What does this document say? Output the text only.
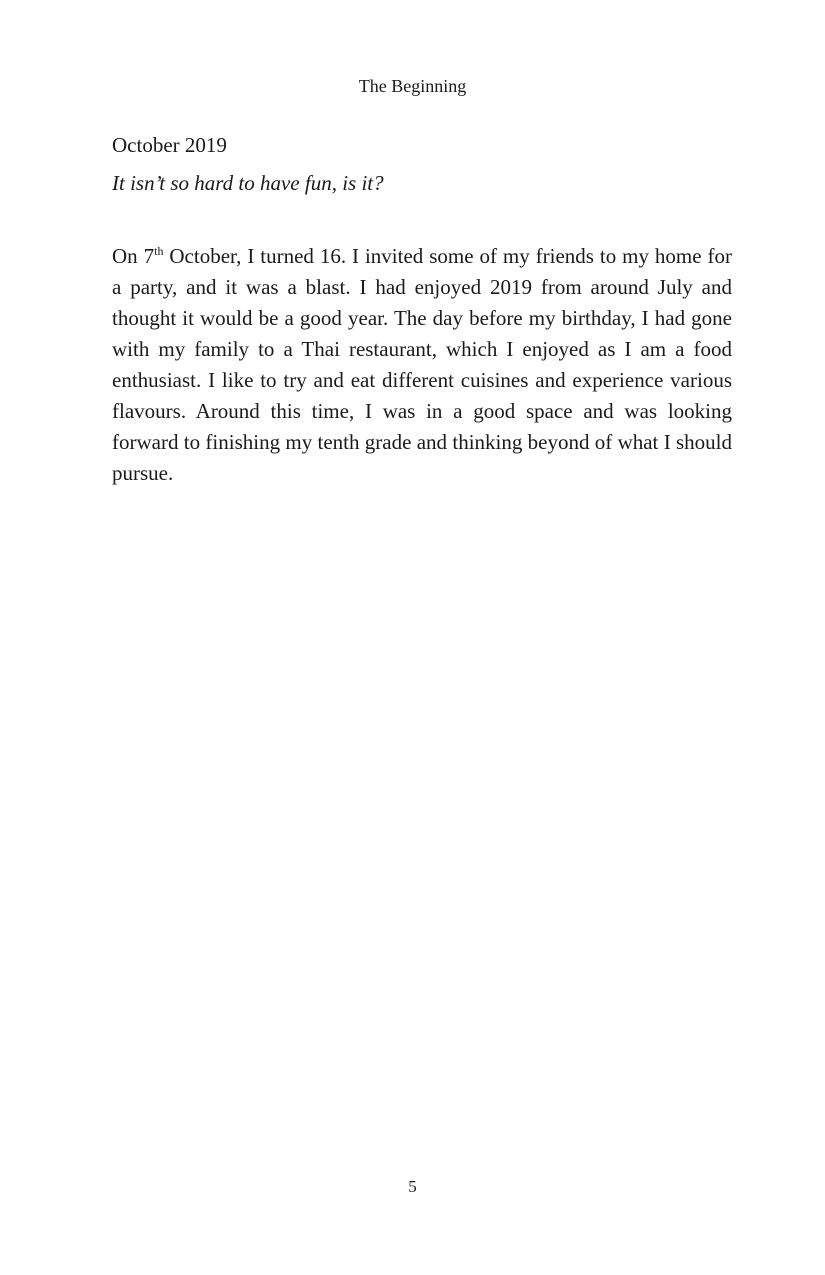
The Beginning
October 2019
It isn’t so hard to have fun, is it?

On 7th October, I turned 16. I invited some of my friends to my home for a party, and it was a blast. I had enjoyed 2019 from around July and thought it would be a good year. The day before my birthday, I had gone with my family to a Thai restaurant, which I enjoyed as I am a food enthusiast. I like to try and eat different cuisines and experience various flavours. Around this time, I was in a good space and was looking forward to finishing my tenth grade and thinking beyond of what I should pursue.

5
